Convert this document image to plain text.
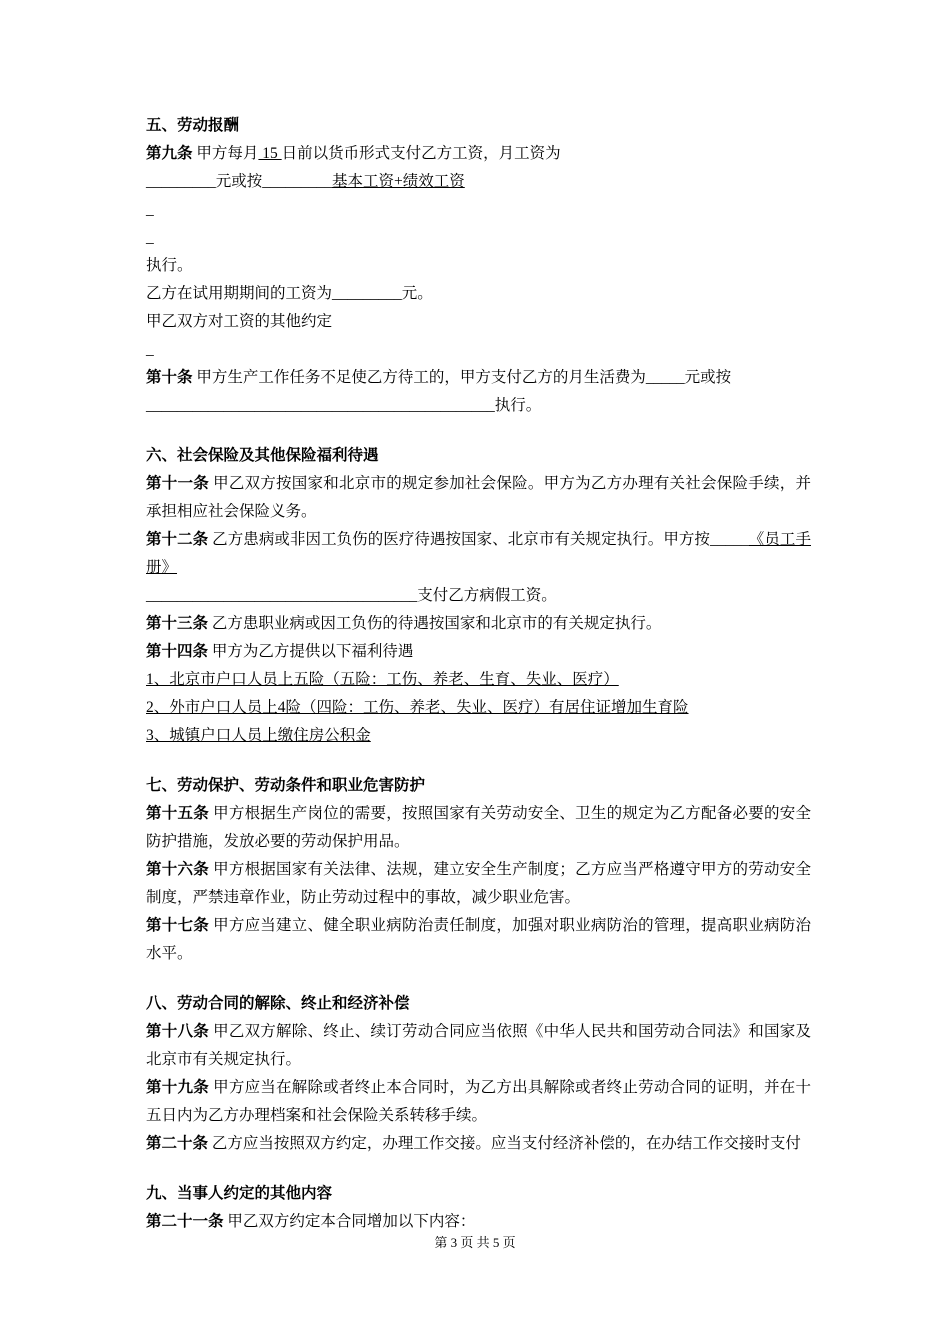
五、劳动报酬

第九条 甲方每月 15 日前以货币形式支付乙方工资，月工资为

_________元或按_________基本工资+绩效工资

_

_

执行。

乙方在试用期期间的工资为_________元。

甲乙双方对工资的其他约定

_

第十条 甲方生产工作任务不足使乙方待工的，甲方支付乙方的月生活费为_____元或按

_____________________________________________执行。

六、社会保险及其他保险福利待遇

第十一条 甲乙双方按国家和北京市的规定参加社会保险。甲方为乙方办理有关社会保险手续，并承担相应社会保险义务。

第十二条 乙方患病或非因工负伤的医疗待遇按国家、北京市有关规定执行。甲方按_____《员工手册》

___________________________________支付乙方病假工资。

第十三条 乙方患职业病或因工负伤的待遇按国家和北京市的有关规定执行。

第十四条 甲方为乙方提供以下福利待遇

1、北京市户口人员上五险（五险：工伤、养老、生育、失业、医疗）

2、外市户口人员上4险（四险：工伤、养老、失业、医疗）有居住证增加生育险

3、城镇户口人员上缴住房公积金

七、劳动保护、劳动条件和职业危害防护

第十五条 甲方根据生产岗位的需要，按照国家有关劳动安全、卫生的规定为乙方配备必要的安全防护措施，发放必要的劳动保护用品。

第十六条 甲方根据国家有关法律、法规，建立安全生产制度；乙方应当严格遵守甲方的劳动安全制度，严禁违章作业，防止劳动过程中的事故，减少职业危害。

第十七条 甲方应当建立、健全职业病防治责任制度，加强对职业病防治的管理，提高职业病防治水平。

八、劳动合同的解除、终止和经济补偿

第十八条 甲乙双方解除、终止、续订劳动合同应当依照《中华人民共和国劳动合同法》和国家及北京市有关规定执行。

第十九条 甲方应当在解除或者终止本合同时，为乙方出具解除或者终止劳动合同的证明，并在十五日内为乙方办理档案和社会保险关系转移手续。

第二十条 乙方应当按照双方约定，办理工作交接。应当支付经济补偿的，在办结工作交接时支付

九、当事人约定的其他内容

第二十一条 甲乙双方约定本合同增加以下内容：

第 3 页 共 5 页
